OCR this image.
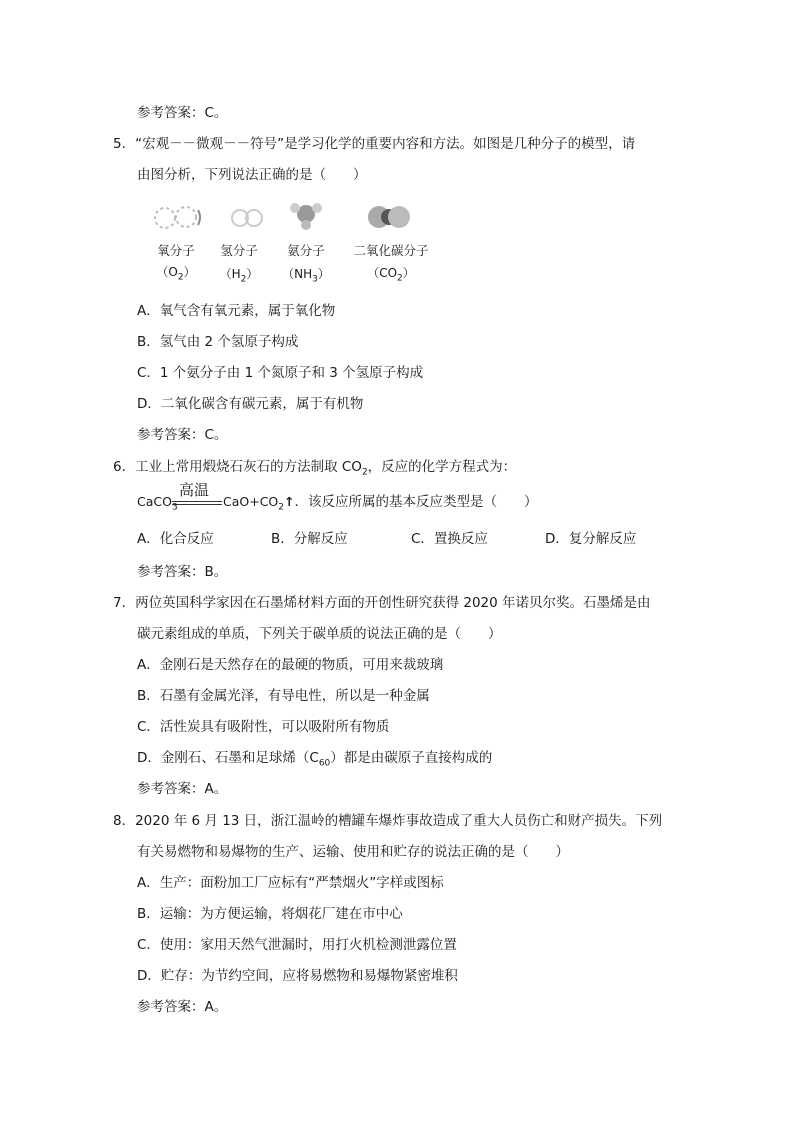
参考答案：C。
5．“宏观－－微观－－符号”是学习化学的重要内容和方法。如图是几种分子的模型，请
由图分析，下列说法正确的是（　　）
氧分子	氢分子	氨分子	二氧化碳分子
$(O_2)$	$(H_2)$	$(NH_3)$	$(CO_2)$
A．氧气含有氧元素，属于氧化物
B．氢气由 2 个氢原子构成
C．1 个氨分子由 1 个氮原子和 3 个氢原子构成
D．二氧化碳含有碳元素，属于有机物
参考答案：C。
6．工业上常用煅烧石灰石的方法制取 $CO_2$，反应的化学方程式为：
高温
CaCO$_3$	$CaO+CO_2↑$．该反应所属的基本反应类型是（　　）
A．化合反应	B．分解反应	C．置换反应	D．复分解反应
参考答案：B。
7．两位英国科学家因在石墨烯材料方面的开创性研究获得 2020 年诺贝尔奖。石墨烯是由
碳元素组成的单质，下列关于碳单质的说法正确的是（　　）
A．金刚石是天然存在的最硬的物质，可用来裁玻璃
B．石墨有金属光泽，有导电性，所以是一种金属
C．活性炭具有吸附性，可以吸附所有物质
D．金刚石、石墨和足球烯$(C_{60})$都是由碳原子直接构成的
参考答案：A。
8．2020 年 6 月 13 日，浙江温岭的槽罐车爆炸事故造成了重大人员伤亡和财产损失。下列
有关易燃物和易爆物的生产、运输、使用和贮存的说法正确的是（　　）
A．生产：面粉加工厂应标有“严禁烟火”字样或图标
B．运输：为方便运输，将烟花厂建在市中心
C．使用：家用天然气泄漏时，用打火机检测泄露位置
D．贮存：为节约空间，应将易燃物和易爆物紧密堆积
参考答案：A。
